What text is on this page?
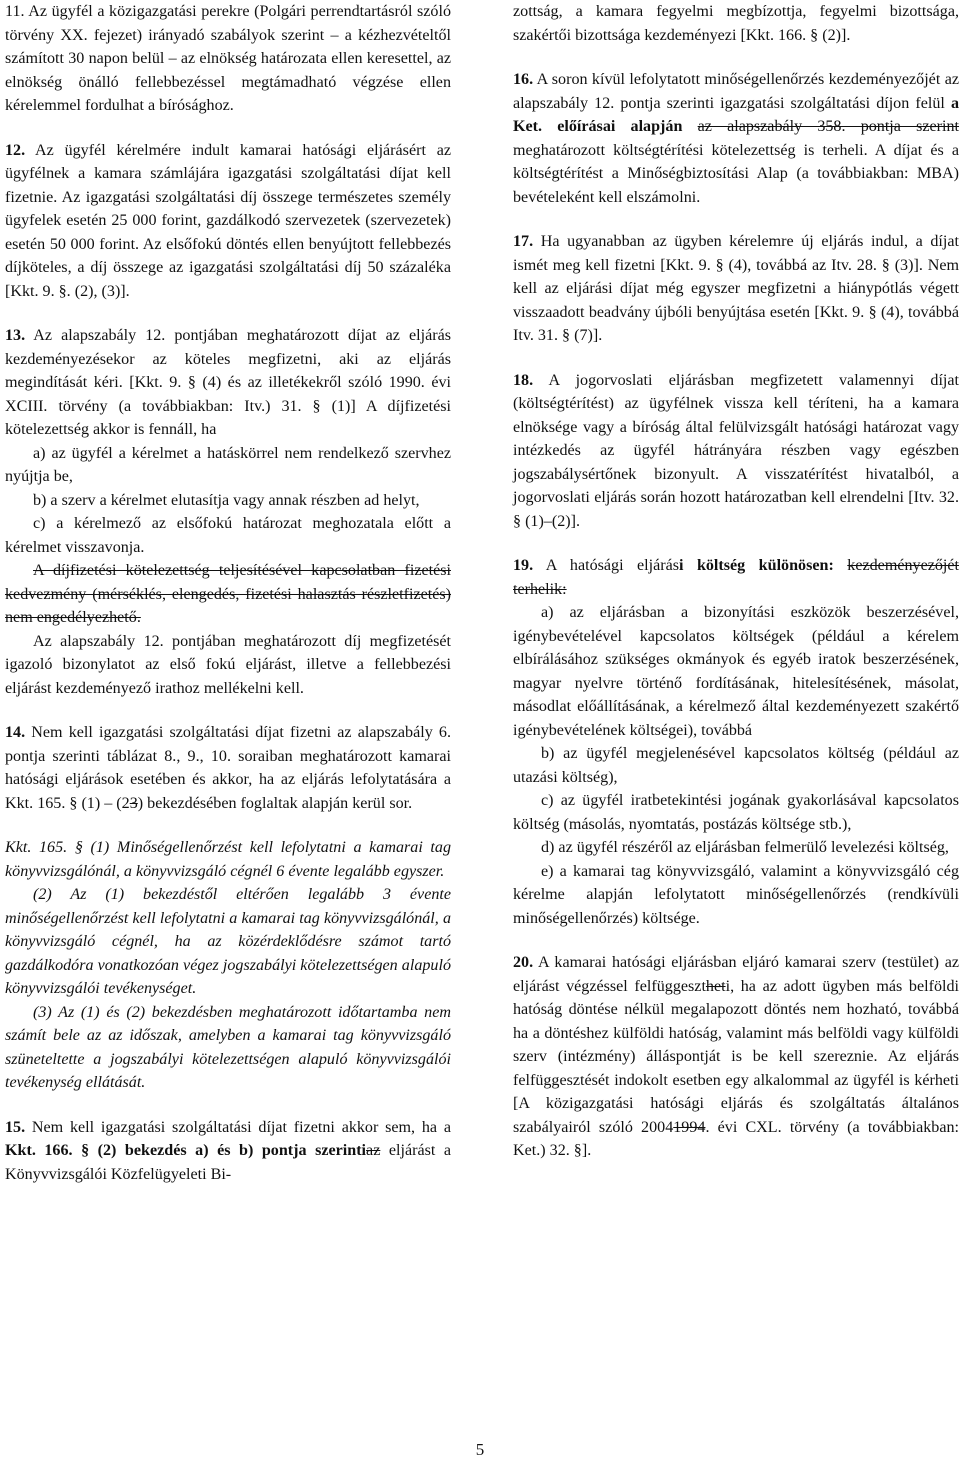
11. Az ügyfél a közigazgatási perekre (Polgári perrendtartásról szóló törvény XX. fejezet) irányadó szabályok szerint – a kézhezvételtől számított 30 napon belül – az elnökség határozata ellen keresettel, az elnökség önálló fellebbezéssel megtámadható végzése ellen kérelemmel fordulhat a bírósághoz.

12. Az ügyfél kérelmére indult kamarai hatósági eljárásért az ügyfélnek a kamara számlájára igazgatási szolgáltatási díjat kell fizetnie. Az igazgatási szolgáltatási díj összege természetes személy ügyfelek esetén 25 000 forint, gazdálkodó szervezetek (szervezetek) esetén 50 000 forint. Az elsőfokú döntés ellen benyújtott fellebbezés díjköteles, a díj összege az igazgatási szolgáltatási díj 50 százaléka [Kkt. 9. §. (2), (3)].

13. Az alapszabály 12. pontjában meghatározott díjat az eljárás kezdeményezésekor az köteles megfizetni, aki az eljárás megindítását kéri. [Kkt. 9. § (4) és az illetékekről szóló 1990. évi XCIII. törvény (a továbbiakban: Itv.) 31. § (1)] A díjfizetési kötelezettség akkor is fennáll, ha

a) az ügyfél a kérelmet a hatáskörrel nem rendelkező szervhez nyújtja be,

b) a szerv a kérelmet elutasítja vagy annak részben ad helyt,

c) a kérelmező az elsőfokú határozat meghozatala előtt a kérelmet visszavonja.

A díjfizetési kötelezettség teljesítésével kapcsolatban fizetési kedvezmény (mérséklés, elengedés, fizetési halasztás részletfizetés) nem engedélyezhető.

Az alapszabály 12. pontjában meghatározott díj megfizetését igazoló bizonylatot az első fokú eljárást, illetve a fellebbezési eljárást kezdeményező irathoz mellékelni kell.

14. Nem kell igazgatási szolgáltatási díjat fizetni az alapszabály 6. pontja szerinti táblázat 8., 9., 10. soraiban meghatározott kamarai hatósági eljárások esetében és akkor, ha az eljárás lefolytatására a Kkt. 165. § (1) – (23) bekezdésében foglaltak alapján kerül sor.

Kkt. 165. § (1) Minőségellenőrzést kell lefolytatni a kamarai tag könyvvizsgálónál, a könyvvizsgáló cégnél 6 évente legalább egyszer.

(2) Az (1) bekezdéstől eltérően legalább 3 évente minőségellenőrzést kell lefolytatni a kamarai tag könyvvizsgálónál, a könyvvizsgáló cégnél, ha az közérdeklődésre számot tartó gazdálkodóra vonatkozóan végez jogszabályi kötelezettségen alapuló könyvvizsgálói tevékenységet.

(3) Az (1) és (2) bekezdésben meghatározott időtartamba nem számít bele az az időszak, amelyben a kamarai tag könyvvizsgáló szüneteltette a jogszabályi kötelezettségen alapuló könyvvizsgálói tevékenység ellátását.

15. Nem kell igazgatási szolgáltatási díjat fizetni akkor sem, ha a Kkt. 166. § (2) bekezdés a) és b) pontja szerintiaz eljárást a Könyvvizsgálói Közfelügyeleti Bi-

zottság, a kamara fegyelmi megbízottja, fegyelmi bizottsága, szakértői bizottsága kezdeményezi [Kkt. 166. § (2)].

16. A soron kívül lefolytatott minőségellenőrzés kezdeményezőjét az alapszabály 12. pontja szerinti igazgatási szolgáltatási díjon felül a Ket. előírásai alapján az alapszabály 358. pontja szerint meghatározott költségtérítési kötelezettség is terheli. A díjat és a költségtérítést a Minőségbiztosítási Alap (a továbbiakban: MBA) bevételeként kell elszámolni.

17. Ha ugyanabban az ügyben kérelemre új eljárás indul, a díjat ismét meg kell fizetni [Kkt. 9. § (4), továbbá az Itv. 28. § (3)]. Nem kell az eljárási díjat még egyszer megfizetni a hiánypótlás végett visszaadott beadvány újbóli benyújtása esetén [Kkt. 9. § (4), továbbá Itv. 31. § (7)].

18. A jogorvoslati eljárásban megfizetett valamennyi díjat (költségtérítést) az ügyfélnek vissza kell téríteni, ha a kamara elnöksége vagy a bíróság által felülvizsgált hatósági határozat vagy intézkedés az ügyfél hátrányára részben vagy egészben jogszabálysértőnek bizonyult. A visszatérítést hivatalból, a jogorvoslati eljárás során hozott határozatban kell elrendelni [Itv. 32. § (1)–(2)].

19. A hatósági eljárási költség különösen: kezdeményezőjét terhelik:

a) az eljárásban a bizonyítási eszközök beszerzésével, igénybevételével kapcsolatos költségek (például a kérelem elbírálásához szükséges okmányok és egyéb iratok beszerzésének, magyar nyelvre történő fordításának, hitelesítésének, másolat, másodlat előállításának, a kérelmező által kezdeményezett szakértő igénybevételének költségei), továbbá

b) az ügyfél megjelenésével kapcsolatos költség (például az utazási költség),

c) az ügyfél iratbetekintési jogának gyakorlásával kapcsolatos költség (másolás, nyomtatás, postázás költsége stb.),

d) az ügyfél részéről az eljárásban felmerülő levelezési költség,

e) a kamarai tag könyvvizsgáló, valamint a könyvvizsgáló cég kérelme alapján lefolytatott minőségellenőrzés (rendkívüli minőségellenőrzés) költsége.

20. A kamarai hatósági eljárásban eljáró kamarai szerv (testület) az eljárást végzéssel felfüggesztheti, ha az adott ügyben más belföldi hatóság döntése nélkül megalapozott döntés nem hozható, továbbá ha a döntéshez külföldi hatóság, valamint más belföldi vagy külföldi szerv (intézmény) álláspontját is be kell szereznie. Az eljárás felfüggesztését indokolt esetben egy alkalommal az ügyfél is kérheti [A közigazgatási hatósági eljárás és szolgáltatás általános szabályairól szóló 20041994. évi CXL. törvény (a továbbiakban: Ket.) 32. §].

5
